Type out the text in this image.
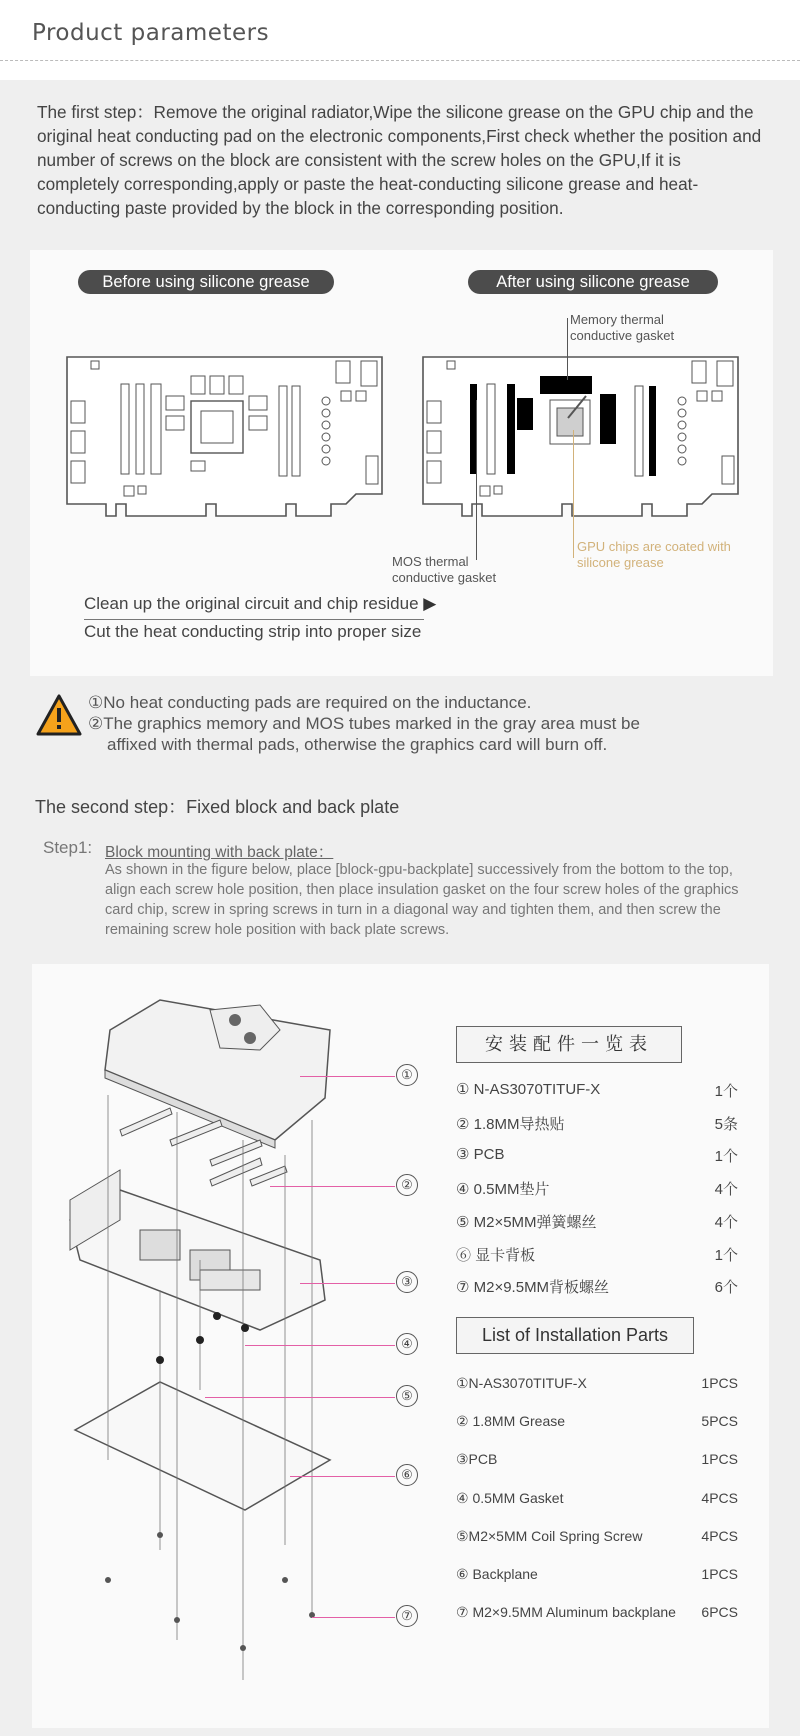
Product parameters
The first step：Remove the original radiator,Wipe the silicone grease on the GPU chip and the original heat conducting pad on the electronic components,First check whether the position and number of screws on the block are consistent with the screw holes on the GPU,If it is completely corresponding,apply or paste the heat-conducting silicone grease and heat-conducting paste provided by the block in the corresponding position.
Before using silicone grease	After using silicone grease
Memory thermal conductive gasket
MOS thermal conductive gasket
GPU chips are coated with silicone grease
Clean up the original circuit and chip residue ▶
Cut the heat conducting strip into proper size
①No heat conducting pads are required on the inductance.
②The graphics memory and MOS tubes marked in the gray area must be
affixed with thermal pads, otherwise the graphics card will burn off.
The second step：Fixed block and back plate
Step1: Block mounting with back plate：
As shown in the figure below, place [block-gpu-backplate] successively from the bottom to the top, align each screw hole position, then place insulation gasket on the four screw holes of the graphics card chip, screw in spring screws in turn in a diagonal way and tighten them, and then screw the remaining screw hole position with back plate screws.
①
②
③
④
⑤
⑥
⑦
安装配件一览表
① N-AS3070TITUF-X	1个
② 1.8MM导热贴	5条
③ PCB	1个
④ 0.5MM垫片	4个
⑤ M2×5MM弹簧螺丝	4个
⑥ 显卡背板	1个
⑦ M2×9.5MM背板螺丝	6个
List of Installation Parts
①N-AS3070TITUF-X	1PCS
② 1.8MM Grease	5PCS
③PCB	1PCS
④ 0.5MM Gasket	4PCS
⑤M2×5MM Coil Spring Screw	4PCS
⑥ Backplane	1PCS
⑦ M2×9.5MM Aluminum backplane 6PCS
